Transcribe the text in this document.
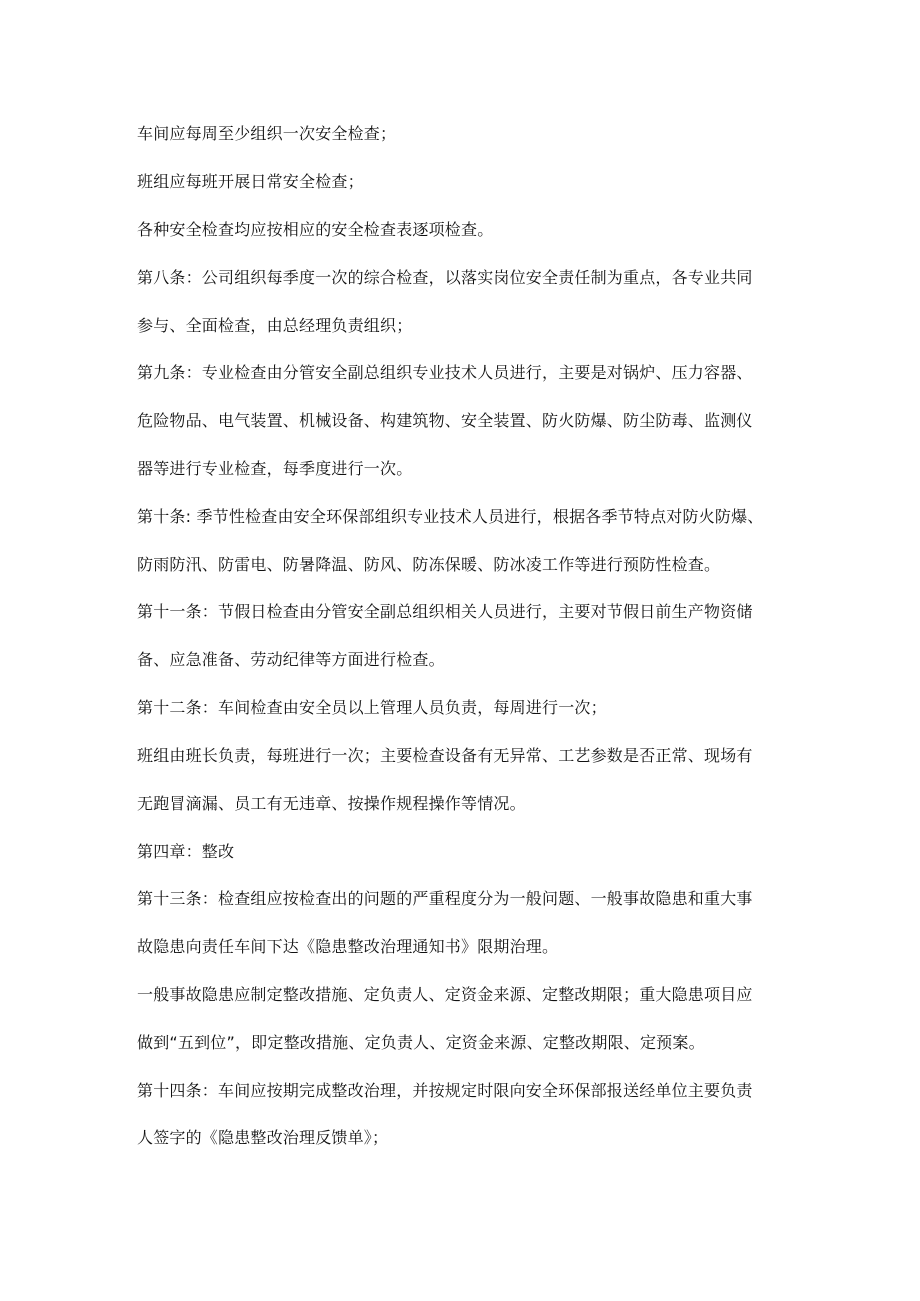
车间应每周至少组织一次安全检查；

班组应每班开展日常安全检查；

各种安全检查均应按相应的安全检查表逐项检查。

第八条：公司组织每季度一次的综合检查，以落实岗位安全责任制为重点，各专业共同

参与、全面检查，由总经理负责组织；

第九条：专业检查由分管安全副总组织专业技术人员进行，主要是对锅炉、压力容器、

危险物品、电气装置、机械设备、构建筑物、安全装置、防火防爆、防尘防毒、监测仪

器等进行专业检查，每季度进行一次。

第十条: 季节性检查由安全环保部组织专业技术人员进行，根据各季节特点对防火防爆、

防雨防汛、防雷电、防暑降温、防风、防冻保暖、防冰凌工作等进行预防性检查。

第十一条：节假日检查由分管安全副总组织相关人员进行，主要对节假日前生产物资储

备、应急准备、劳动纪律等方面进行检查。

第十二条：车间检查由安全员以上管理人员负责，每周进行一次；

班组由班长负责，每班进行一次；主要检查设备有无异常、工艺参数是否正常、现场有

无跑冒滴漏、员工有无违章、按操作规程操作等情况。

第四章：整改

第十三条：检查组应按检查出的问题的严重程度分为一般问题、一般事故隐患和重大事

故隐患向责任车间下达《隐患整改治理通知书》限期治理。

一般事故隐患应制定整改措施、定负责人、定资金来源、定整改期限；重大隐患项目应

做到“五到位”，即定整改措施、定负责人、定资金来源、定整改期限、定预案。

第十四条：车间应按期完成整改治理，并按规定时限向安全环保部报送经单位主要负责

人签字的《隐患整改治理反馈单》；
